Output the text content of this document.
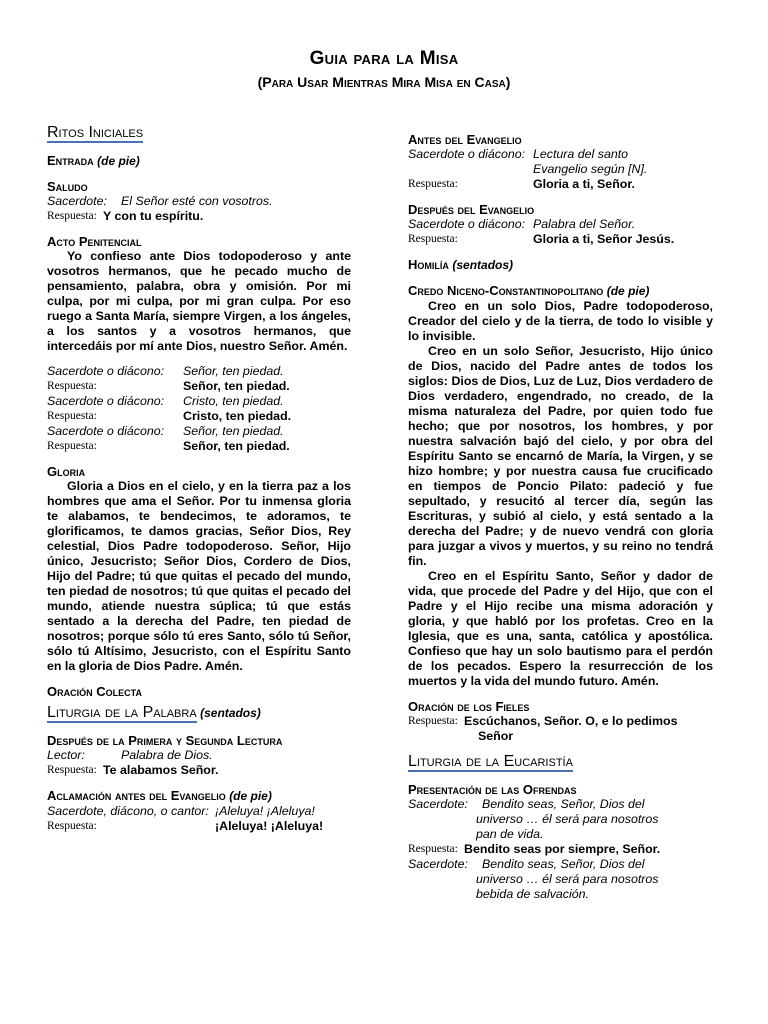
Guia para la Misa
(Para Usar Mientras Mira Misa en Casa)
Ritos Iniciales
Entrada (de pie)
Saludo
Sacerdote:	El Señor esté con vosotros.
Respuesta: Y con tu espíritu.
Acto Penitencial
Yo confieso ante Dios todopoderoso y ante vosotros hermanos, que he pecado mucho de pensamiento, palabra, obra y omisión. Por mi culpa, por mi culpa, por mi gran culpa. Por eso ruego a Santa María, siempre Virgen, a los ángeles, a los santos y a vosotros hermanos, que intercedáis por mí ante Dios, nuestro Señor. Amén.
Sacerdote o diácono:	Señor, ten piedad.
Respuesta:	Señor, ten piedad.
Sacerdote o diácono:	Cristo, ten piedad.
Respuesta:	Cristo, ten piedad.
Sacerdote o diácono:	Señor, ten piedad.
Respuesta:	Señor, ten piedad.
Gloria
Gloria a Dios en el cielo, y en la tierra paz a los hombres que ama el Señor. Por tu inmensa gloria te alabamos, te bendecimos, te adoramos, te glorificamos, te damos gracias, Señor Dios, Rey celestial, Dios Padre todopoderoso. Señor, Hijo único, Jesucristo; Señor Dios, Cordero de Dios, Hijo del Padre; tú que quitas el pecado del mundo, ten piedad de nosotros; tú que quitas el pecado del mundo, atiende nuestra súplica; tú que estás sentado a la derecha del Padre, ten piedad de nosotros; porque sólo tú eres Santo, sólo tú Señor, sólo tú Altísimo, Jesucristo, con el Espíritu Santo en la gloria de Dios Padre. Amén.
Oración Colecta
Liturgia de la Palabra (sentados)
Después de la Primera y Segunda Lectura
Lector:	Palabra de Dios.
Respuesta: Te alabamos Señor.
Aclamación antes del Evangelio (de pie)
Sacerdote, diácono, o cantor: ¡Aleluya! ¡Aleluya!
Respuesta:	¡Aleluya! ¡Aleluya!
Antes del Evangelio
Sacerdote o diácono: Lectura del santo
Evangelio según [N].
Respuesta:	Gloria a ti, Señor.
Después del Evangelio
Sacerdote o diácono: Palabra del Señor.
Respuesta:	Gloria a ti, Señor Jesús.
Homilía (sentados)
Credo Niceno-Constantinopolitano (de pie)
Creo en un solo Dios, Padre todopoderoso, Creador del cielo y de la tierra, de todo lo visible y lo invisible.
Creo en un solo Señor, Jesucristo, Hijo único de Dios, nacido del Padre antes de todos los siglos: Dios de Dios, Luz de Luz, Dios verdadero de Dios verdadero, engendrado, no creado, de la misma naturaleza del Padre, por quien todo fue hecho; que por nosotros, los hombres, y por nuestra salvación bajó del cielo, y por obra del Espíritu Santo se encarnó de María, la Virgen, y se hizo hombre; y por nuestra causa fue crucificado en tiempos de Poncio Pilato: padeció y fue sepultado, y resucitó al tercer día, según las Escrituras, y subió al cielo, y está sentado a la derecha del Padre; y de nuevo vendrá con gloria para juzgar a vivos y muertos, y su reino no tendrá fin.
Creo en el Espíritu Santo, Señor y dador de vida, que procede del Padre y del Hijo, que con el Padre y el Hijo recibe una misma adoración y gloria, y que habló por los profetas. Creo en la Iglesia, que es una, santa, católica y apostólica. Confieso que hay un solo bautismo para el perdón de los pecados. Espero la resurrección de los muertos y la vida del mundo futuro. Amén.
Oración de los Fieles
Respuesta: Escúchanos, Señor. O, e lo pedimos
Señor
Liturgia de la Eucaristía
Presentación de las Ofrendas
Sacerdote:	Bendito seas, Señor, Dios del
universo … él será para nosotros
pan de vida.
Respuesta: Bendito seas por siempre, Señor.
Sacerdote:	Bendito seas, Señor, Dios del
universo … él será para nosotros
bebida de salvación.
